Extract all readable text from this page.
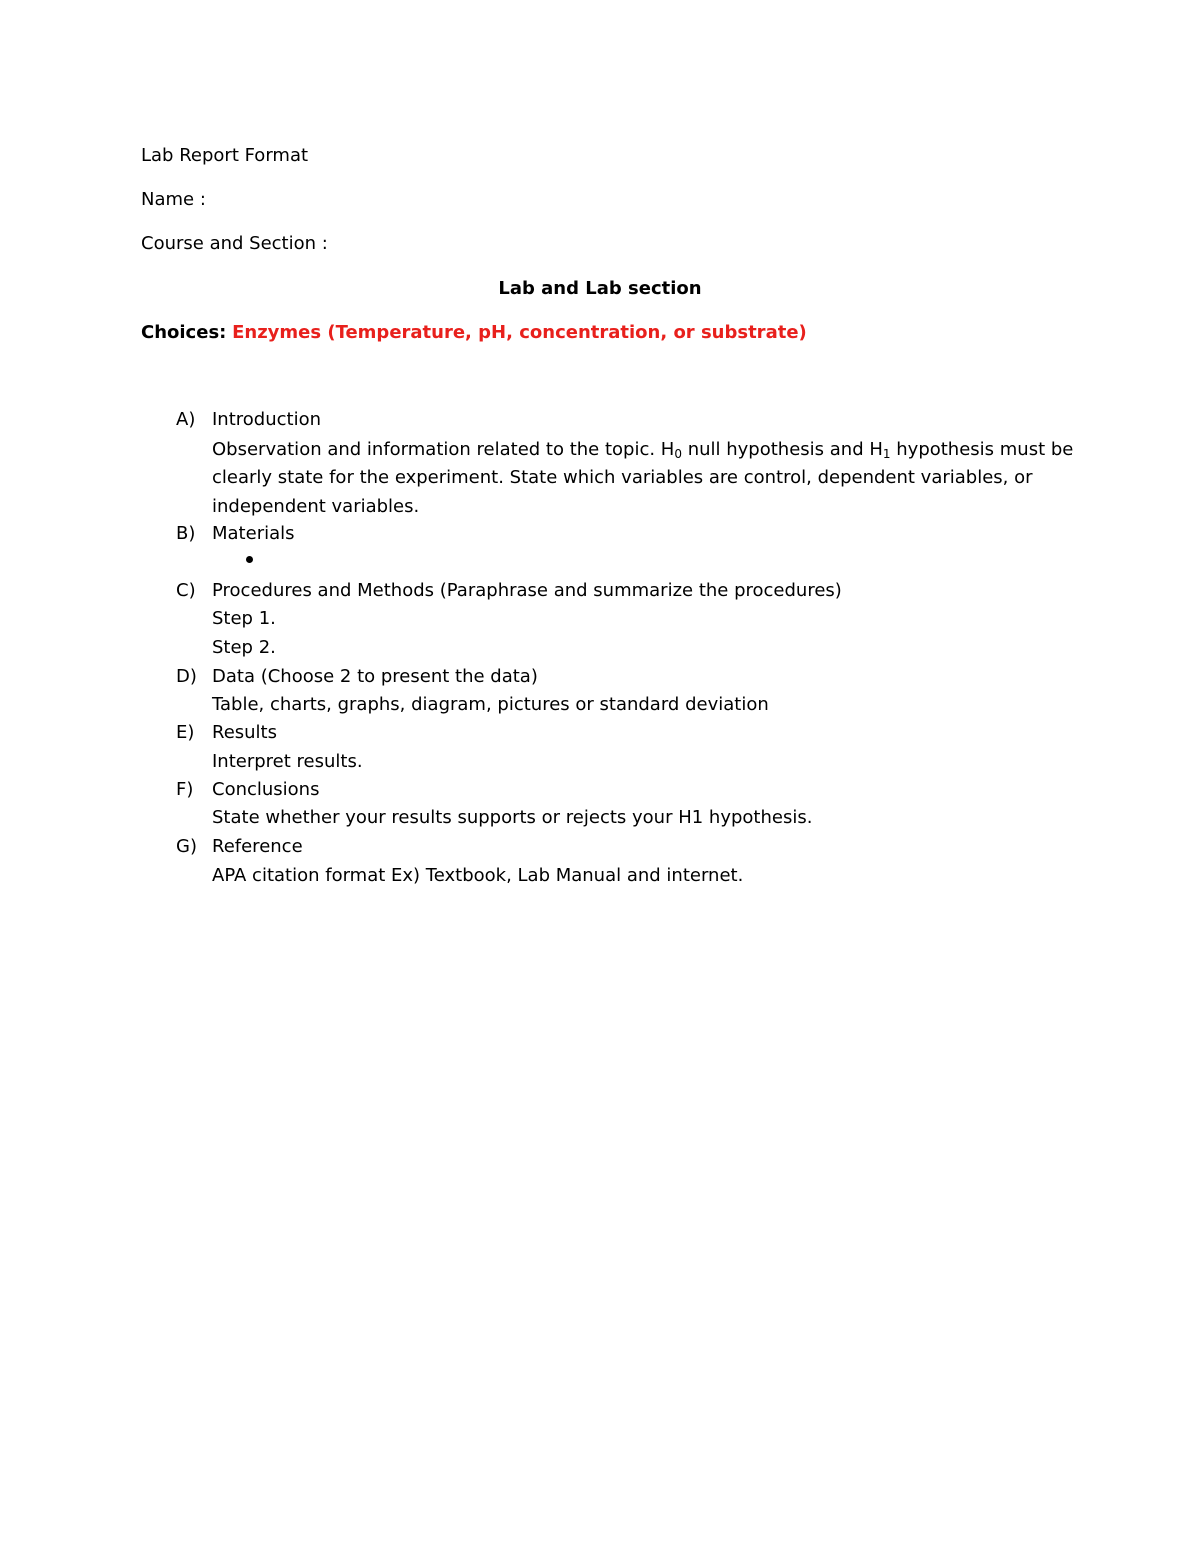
Lab Report Format
Name :
Course and Section :
Lab and Lab section
Choices: Enzymes (Temperature, pH, concentration, or substrate)
A) Introduction
Observation and information related to the topic. $H_0$ null hypothesis and $H_1$ hypothesis must be
clearly state for the experiment. State which variables are control, dependent variables, or
independent variables.
B) Materials
C) Procedures and Methods (Paraphrase and summarize the procedures)
Step 1.
Step 2.
D) Data (Choose 2 to present the data)
Table, charts, graphs, diagram, pictures or standard deviation
E) Results
Interpret results.
F) Conclusions
State whether your results supports or rejects your H1 hypothesis.
G) Reference
APA citation format Ex) Textbook, Lab Manual and internet.
